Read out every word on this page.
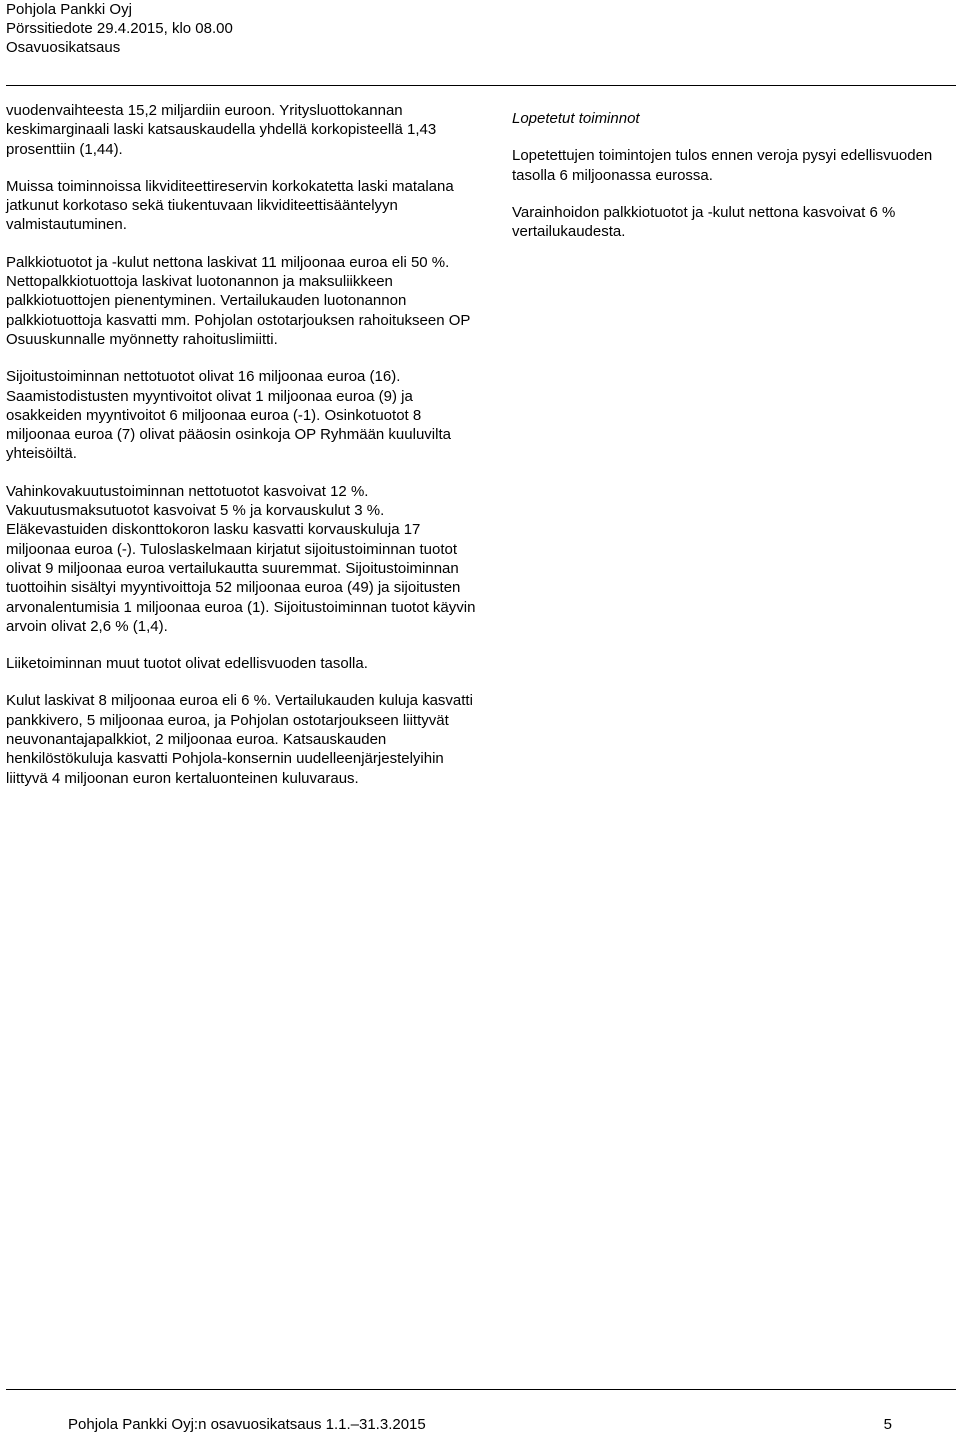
Pohjola Pankki Oyj
Pörssitiedote 29.4.2015, klo 08.00
Osavuosikatsaus

vuodenvaihteesta 15,2 miljardiin euroon. Yritysluottokannan keskimarginaali laski katsauskaudella yhdellä korkopisteellä 1,43 prosenttiin (1,44).

Muissa toiminnoissa likviditeettireservin korkokatetta laski matalana jatkunut korkotaso sekä tiukentuvaan likviditeettisääntelyyn valmistautuminen.

Palkkiotuotot ja -kulut nettona laskivat 11 miljoonaa euroa eli 50 %. Nettopalkkiotuottoja laskivat luotonannon ja maksuliikkeen palkkiotuottojen pienentyminen. Vertailukauden luotonannon palkkiotuottoja kasvatti mm. Pohjolan ostotarjouksen rahoitukseen OP Osuuskunnalle myönnetty rahoituslimiitti.

Sijoitustoiminnan nettotuotot olivat 16 miljoonaa euroa (16). Saamistodistusten myyntivoitot olivat 1 miljoonaa euroa (9) ja osakkeiden myyntivoitot 6 miljoonaa euroa (-1). Osinkotuotot 8 miljoonaa euroa (7) olivat pääosin osinkoja OP Ryhmään kuuluvilta yhteisöiltä.

Vahinkovakuutustoiminnan nettotuotot kasvoivat 12 %. Vakuutusmaksutuotot kasvoivat 5 % ja korvauskulut 3 %. Eläkevastuiden diskonttokoron lasku kasvatti korvauskuluja 17 miljoonaa euroa (-). Tuloslaskelmaan kirjatut sijoitustoiminnan tuotot olivat 9 miljoonaa euroa vertailukautta suuremmat. Sijoitustoiminnan tuottoihin sisältyi myyntivoittoja 52 miljoonaa euroa (49) ja sijoitusten arvonalentumisia 1 miljoonaa euroa (1). Sijoitustoiminnan tuotot käyvin arvoin olivat 2,6 % (1,4).

Liiketoiminnan muut tuotot olivat edellisvuoden tasolla.

Kulut laskivat 8 miljoonaa euroa eli 6 %. Vertailukauden kuluja kasvatti pankkivero, 5 miljoonaa euroa, ja Pohjolan ostotarjoukseen liittyvät neuvonantajapalkkiot, 2 miljoonaa euroa. Katsauskauden henkilöstökuluja kasvatti Pohjola-konsernin uudelleenjärjestelyihin liittyvä 4 miljoonan euron kertaluonteinen kuluvaraus.

Lopetetut toiminnot

Lopetettujen toimintojen tulos ennen veroja pysyi edellisvuoden tasolla 6 miljoonassa eurossa.

Varainhoidon palkkiotuotot ja -kulut nettona kasvoivat 6 % vertailukaudesta.

Pohjola Pankki Oyj:n osavuosikatsaus 1.1.–31.3.2015	5
